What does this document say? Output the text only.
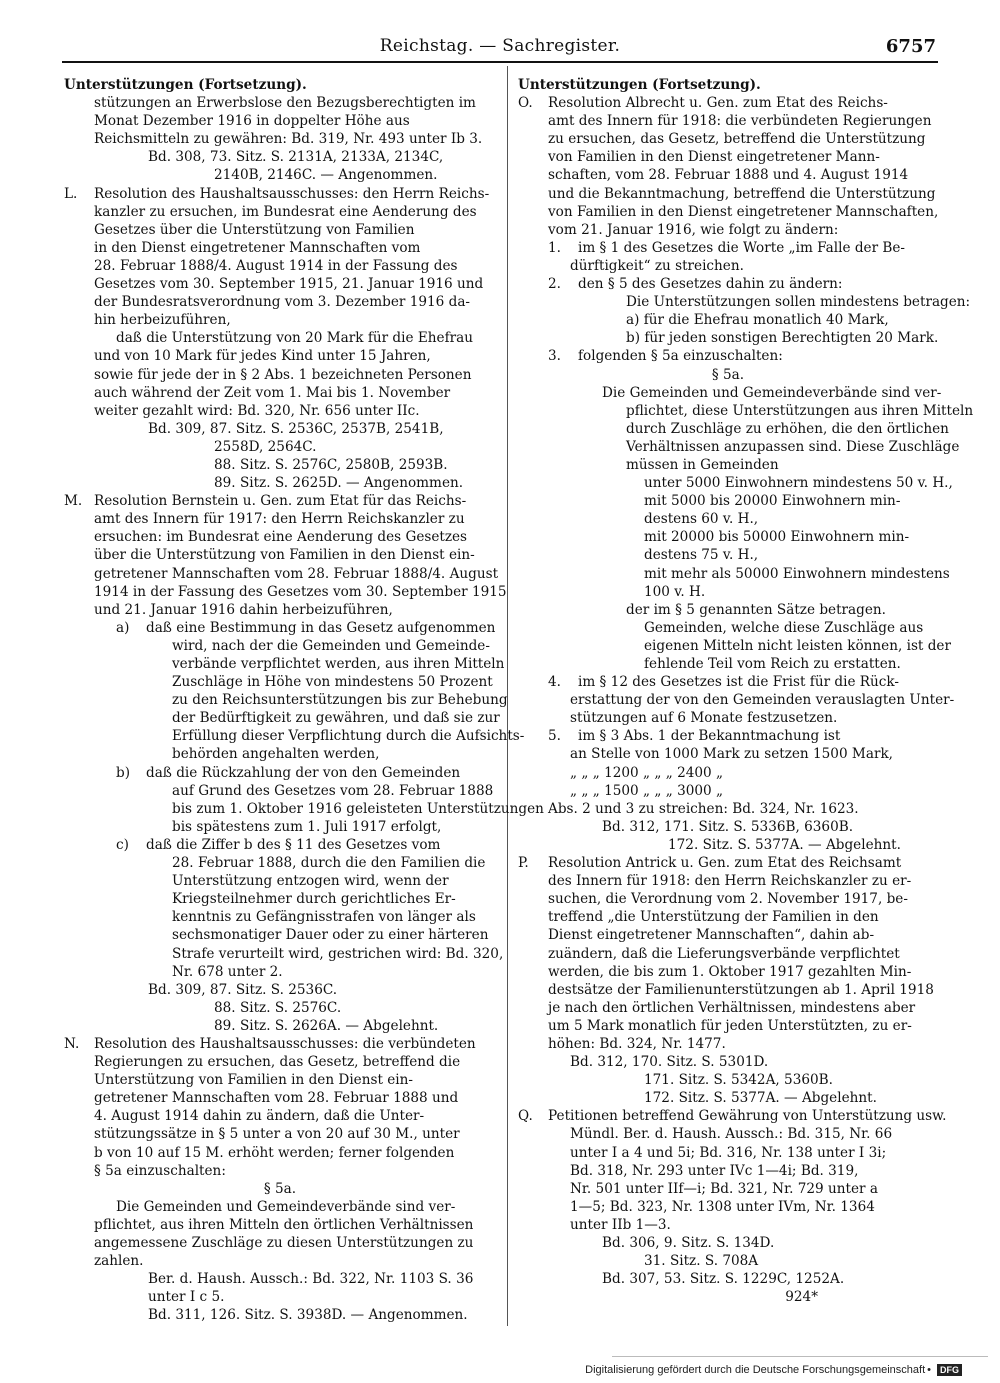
Reichstag. — Sachregister.	6757
Unterstützungen (Fortsetzung).
stützungen an Erwerbslose den Bezugsberechtigten im
Monat Dezember 1916 in doppelter Höhe aus
Reichsmitteln zu gewähren: Bd. 319, Nr. 493 unter Ib 3.
Bd. 308, 73. Sitz. S. 2131A, 2133A, 2134C,
2140B, 2146C. — Angenommen.
L. Resolution des Haushaltsausschusses: den Herrn Reichs-
kanzler zu ersuchen, im Bundesrat eine Aenderung des
Gesetzes über die Unterstützung von Familien
in den Dienst eingetretener Mannschaften vom
28. Februar 1888/4. August 1914 in der Fassung des
Gesetzes vom 30. September 1915, 21. Januar 1916 und
der Bundesratsverordnung vom 3. Dezember 1916 da-
hin herbeizuführen,
daß die Unterstützung von 20 Mark für die Ehefrau
und von 10 Mark für jedes Kind unter 15 Jahren,
sowie für jede der in § 2 Abs. 1 bezeichneten Personen
auch während der Zeit vom 1. Mai bis 1. November
weiter gezahlt wird: Bd. 320, Nr. 656 unter IIc.
Bd. 309, 87. Sitz. S. 2536C, 2537B, 2541B,
2558D, 2564C.
88. Sitz. S. 2576C, 2580B, 2593B.
89. Sitz. S. 2625D. — Angenommen.
M. Resolution Bernstein u. Gen. zum Etat für das Reichs-
amt des Innern für 1917: den Herrn Reichskanzler zu
ersuchen: im Bundesrat eine Aenderung des Gesetzes
über die Unterstützung von Familien in den Dienst ein-
getretener Mannschaften vom 28. Februar 1888/4. August
1914 in der Fassung des Gesetzes vom 30. September 1915
und 21. Januar 1916 dahin herbeizuführen,
a) daß eine Bestimmung in das Gesetz aufgenommen
wird, nach der die Gemeinden und Gemeinde-
verbände verpflichtet werden, aus ihren Mitteln
Zuschläge in Höhe von mindestens 50 Prozent
zu den Reichsunterstützungen bis zur Behebung
der Bedürftigkeit zu gewähren, und daß sie zur
Erfüllung dieser Verpflichtung durch die Aufsichts-
behörden angehalten werden,
b) daß die Rückzahlung der von den Gemeinden
auf Grund des Gesetzes vom 28. Februar 1888
bis zum 1. Oktober 1916 geleisteten Unterstützungen
bis spätestens zum 1. Juli 1917 erfolgt,
c) daß die Ziffer b des § 11 des Gesetzes vom
28. Februar 1888, durch die den Familien die
Unterstützung entzogen wird, wenn der
Kriegsteilnehmer durch gerichtliches Er-
kenntnis zu Gefängnisstrafen von länger als
sechsmonatiger Dauer oder zu einer härteren
Strafe verurteilt wird, gestrichen wird: Bd. 320,
Nr. 678 unter 2.
Bd. 309, 87. Sitz. S. 2536C.
88. Sitz. S. 2576C.
89. Sitz. S. 2626A. — Abgelehnt.
N. Resolution des Haushaltsausschusses: die verbündeten
Regierungen zu ersuchen, das Gesetz, betreffend die
Unterstützung von Familien in den Dienst ein-
getretener Mannschaften vom 28. Februar 1888 und
4. August 1914 dahin zu ändern, daß die Unter-
stützungssätze in § 5 unter a von 20 auf 30 M., unter
b von 10 auf 15 M. erhöht werden; ferner folgenden
§ 5a einzuschalten:
§ 5a.
Die Gemeinden und Gemeindeverbände sind ver-
pflichtet, aus ihren Mitteln den örtlichen Verhältnissen
angemessene Zuschläge zu diesen Unterstützungen zu
zahlen.
Ber. d. Haush. Aussch.: Bd. 322, Nr. 1103 S. 36
unter I c 5.
Bd. 311, 126. Sitz. S. 3938D. — Angenommen.
Unterstützungen (Fortsetzung).
O. Resolution Albrecht u. Gen. zum Etat des Reichs-
amt des Innern für 1918: die verbündeten Regierungen
zu ersuchen, das Gesetz, betreffend die Unterstützung
von Familien in den Dienst eingetretener Mann-
schaften, vom 28. Februar 1888 und 4. August 1914
und die Bekanntmachung, betreffend die Unterstützung
von Familien in den Dienst eingetretener Mannschaften,
vom 21. Januar 1916, wie folgt zu ändern:
1. im § 1 des Gesetzes die Worte „im Falle der Be-
dürftigkeit“ zu streichen.
2. den § 5 des Gesetzes dahin zu ändern:
Die Unterstützungen sollen mindestens betragen:
a) für die Ehefrau monatlich 40 Mark,
b) für jeden sonstigen Berechtigten 20 Mark.
3. folgenden § 5a einzuschalten:
§ 5a.
Die Gemeinden und Gemeindeverbände sind ver-
pflichtet, diese Unterstützungen aus ihren Mitteln
durch Zuschläge zu erhöhen, die den örtlichen
Verhältnissen anzupassen sind. Diese Zuschläge
müssen in Gemeinden
unter 5000 Einwohnern mindestens 50 v. H.,
mit 5000 bis 20000 Einwohnern min-
destens 60 v. H.,
mit 20000 bis 50000 Einwohnern min-
destens 75 v. H.,
mit mehr als 50000 Einwohnern mindestens
100 v. H.
der im § 5 genannten Sätze betragen.
Gemeinden, welche diese Zuschläge aus
eigenen Mitteln nicht leisten können, ist der
fehlende Teil vom Reich zu erstatten.
4. im § 12 des Gesetzes ist die Frist für die Rück-
erstattung der von den Gemeinden verauslagten Unter-
stützungen auf 6 Monate festzusetzen.
5. im § 3 Abs. 1 der Bekanntmachung ist
an Stelle von 1000 Mark zu setzen 1500 Mark,
„ „ „ 1200 „ „ „ 2400 „
„ „ „ 1500 „ „ „ 3000 „
Abs. 2 und 3 zu streichen: Bd. 324, Nr. 1623.
Bd. 312, 171. Sitz. S. 5336B, 6360B.
172. Sitz. S. 5377A. — Abgelehnt.
P. Resolution Antrick u. Gen. zum Etat des Reichsamt
des Innern für 1918: den Herrn Reichskanzler zu er-
suchen, die Verordnung vom 2. November 1917, be-
treffend „die Unterstützung der Familien in den
Dienst eingetretener Mannschaften“, dahin ab-
zuändern, daß die Lieferungsverbände verpflichtet
werden, die bis zum 1. Oktober 1917 gezahlten Min-
destsätze der Familienunterstützungen ab 1. April 1918
je nach den örtlichen Verhältnissen, mindestens aber
um 5 Mark monatlich für jeden Unterstützten, zu er-
höhen: Bd. 324, Nr. 1477.
Bd. 312, 170. Sitz. S. 5301D.
171. Sitz. S. 5342A, 5360B.
172. Sitz. S. 5377A. — Abgelehnt.
Q. Petitionen betreffend Gewährung von Unterstützung usw.
Mündl. Ber. d. Haush. Aussch.: Bd. 315, Nr. 66
unter I a 4 und 5i; Bd. 316, Nr. 138 unter I 3i;
Bd. 318, Nr. 293 unter IVc 1—4i; Bd. 319,
Nr. 501 unter IIf—i; Bd. 321, Nr. 729 unter a
1—5; Bd. 323, Nr. 1308 unter IVm, Nr. 1364
unter IIb 1—3.
Bd. 306, 9. Sitz. S. 134D.
31. Sitz. S. 708A
Bd. 307, 53. Sitz. S. 1229C, 1252A.
924*
Digitalisierung gefördert durch die Deutsche Forschungsgemeinschaft • DFG
